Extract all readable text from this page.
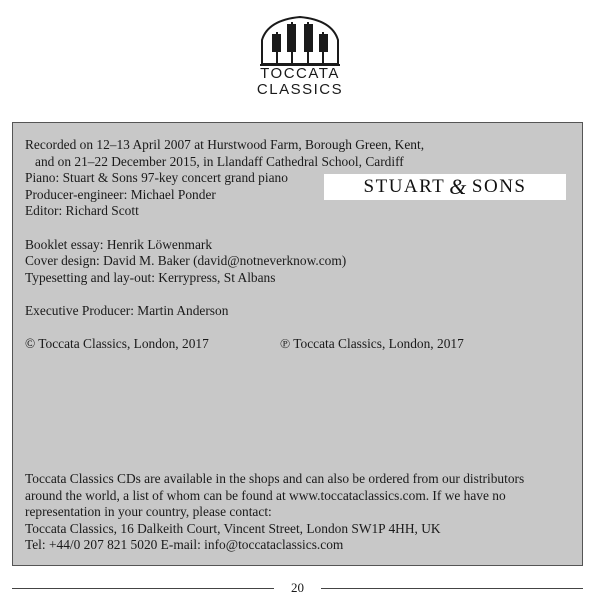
TOCCATA
CLASSICS

Recorded on 12–13 April 2007 at Hurstwood Farm, Borough Green, Kent,

and on 21–22 December 2015, in Llandaff Cathedral School, Cardiff

Piano: Stuart & Sons 97-key concert grand piano

Producer-engineer: Michael Ponder

Editor: Richard Scott

Booklet essay: Henrik Löwenmark

Cover design: David M. Baker (david@notneverknow.com)

Typesetting and lay-out: Kerrypress, St Albans

Executive Producer: Martin Anderson

© Toccata Classics, London, 2017	℗ Toccata Classics, London, 2017
STUART & SONS

Toccata Classics CDs are available in the shops and can also be ordered from our distributors

around the world, a list of whom can be found at www.toccataclassics.com. If we have no

representation in your country, please contact:

Toccata Classics, 16 Dalkeith Court, Vincent Street, London SW1P 4HH, UK

Tel: +44/0 207 821 5020 E-mail: info@toccataclassics.com

20
